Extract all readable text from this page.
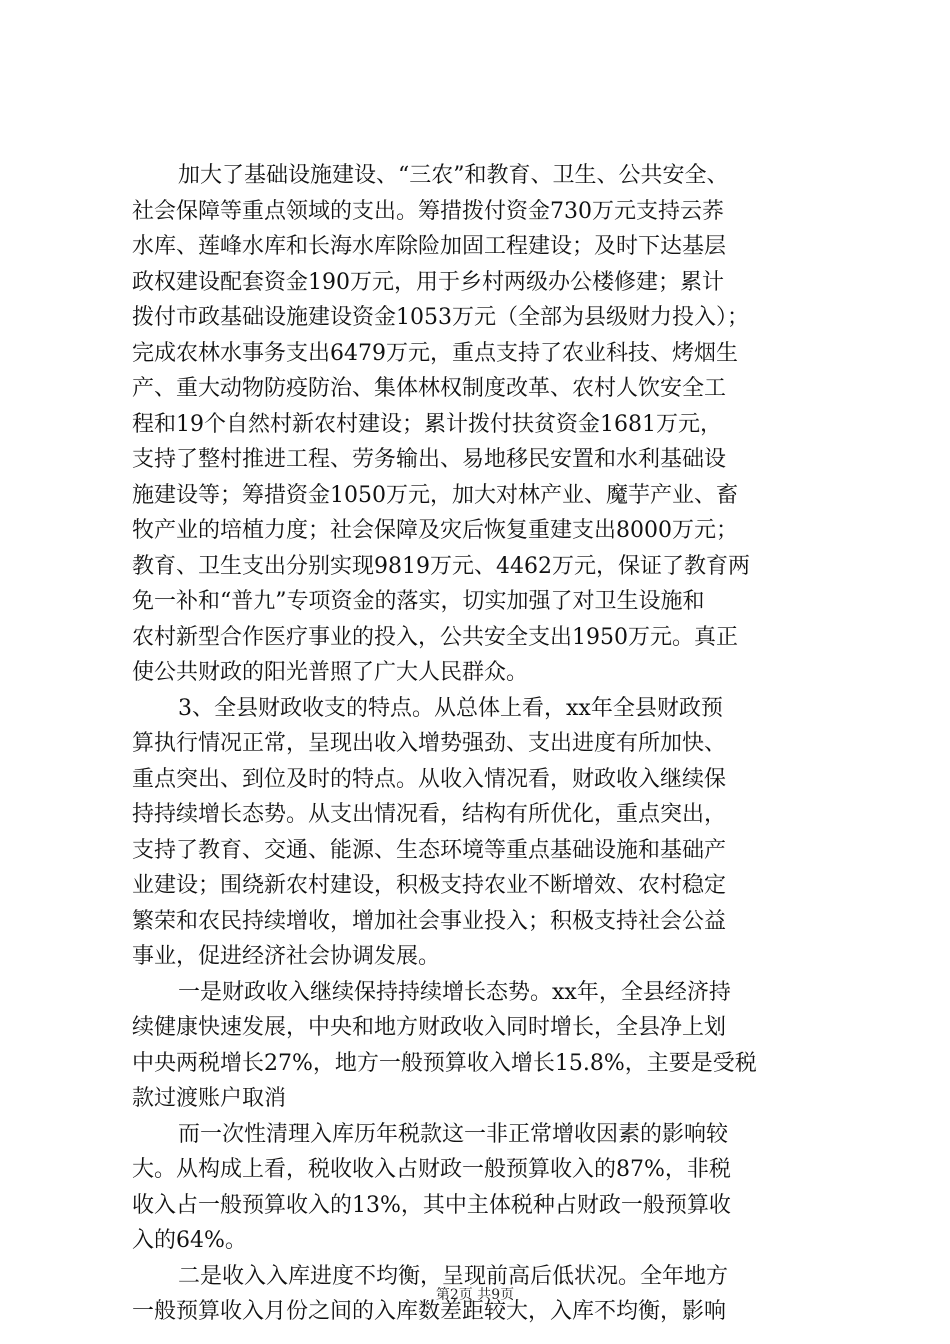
加大了基础设施建设、“三农”和教育、卫生、公共安全、
社会保障等重点领域的支出。筹措拨付资金730万元支持云荞
水库、莲峰水库和长海水库除险加固工程建设；及时下达基层
政权建设配套资金190万元，用于乡村两级办公楼修建；累计
拨付市政基础设施建设资金1053万元（全部为县级财力投入）；
完成农林水事务支出6479万元，重点支持了农业科技、烤烟生
产、重大动物防疫防治、集体林权制度改革、农村人饮安全工
程和19个自然村新农村建设；累计拨付扶贫资金1681万元，
支持了整村推进工程、劳务输出、易地移民安置和水利基础设
施建设等；筹措资金1050万元，加大对林产业、魔芋产业、畜
牧产业的培植力度；社会保障及灾后恢复重建支出8000万元；
教育、卫生支出分别实现9819万元、4462万元，保证了教育两
免一补和“普九”专项资金的落实，切实加强了对卫生设施和
农村新型合作医疗事业的投入，公共安全支出1950万元。真正
使公共财政的阳光普照了广大人民群众。
3、全县财政收支的特点。从总体上看，xx年全县财政预
算执行情况正常，呈现出收入增势强劲、支出进度有所加快、
重点突出、到位及时的特点。从收入情况看，财政收入继续保
持持续增长态势。从支出情况看，结构有所优化，重点突出，
支持了教育、交通、能源、生态环境等重点基础设施和基础产
业建设；围绕新农村建设，积极支持农业不断增效、农村稳定
繁荣和农民持续增收，增加社会事业投入；积极支持社会公益
事业，促进经济社会协调发展。
一是财政收入继续保持持续增长态势。xx年，全县经济持
续健康快速发展，中央和地方财政收入同时增长，全县净上划
中央两税增长27%，地方一般预算收入增长15.8%，主要是受税
款过渡账户取消
而一次性清理入库历年税款这一非正常增收因素的影响较
大。从构成上看，税收收入占财政一般预算收入的87%，非税
收入占一般预算收入的13%，其中主体税种占财政一般预算收
入的64%。
二是收入入库进度不均衡，呈现前高后低状况。全年地方
一般预算收入月份之间的入库数差距较大，入库不均衡，影响
第2页 共9页
